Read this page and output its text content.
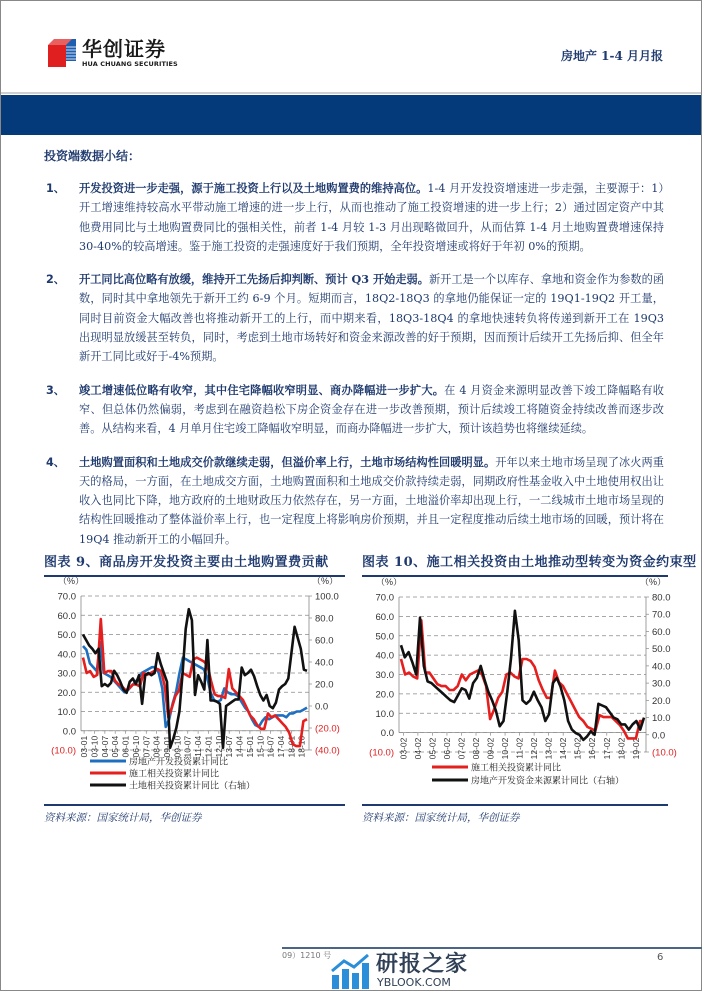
华创证券
HUA CHUANG SECURITIES
房地产 1-4 月月报
投资端数据小结：
1、 开发投资进一步走强，源于施工投资上行以及土地购置费的维持高位。1-4 月开发投资增速进一步走强，主要源于：1）开工增速维持较高水平带动施工增速的进一步上行，从而也推动了施工投资增速的进一步上行；2）通过固定资产中其他费用同比与土地购置费同比的强相关性，前者 1-4 月较 1-3 月出现略微回升，从而估算 1-4 月土地购置费增速保持 30-40%的较高增速。鉴于施工投资的走强速度好于我们预期，全年投资增速或将好于年初 0%的预期。
2、 开工同比高位略有放缓，维持开工先扬后抑判断、预计 Q3 开始走弱。新开工是一个以库存、拿地和资金作为参数的函数，同时其中拿地领先于新开工约 6-9 个月。短期而言，18Q2-18Q3 的拿地仍能保证一定的 19Q1-19Q2 开工量，同时目前资金大幅改善也将推动新开工的上行，而中期来看，18Q3-18Q4 的拿地快速转负将传递到新开工在 19Q3 出现明显放缓甚至转负，同时，考虑到土地市场转好和资金来源改善的好于预期，因而预计后续开工先扬后抑、但全年新开工同比或好于-4%预期。
3、 竣工增速低位略有收窄，其中住宅降幅收窄明显、商办降幅进一步扩大。在 4 月资金来源明显改善下竣工降幅略有收窄、但总体仍然偏弱，考虑到在融资趋松下房企资金存在进一步改善预期，预计后续竣工将随资金持续改善而逐步改善。从结构来看，4 月单月住宅竣工降幅收窄明显，而商办降幅进一步扩大，预计该趋势也将继续延续。
4、 土地购置面积和土地成交价款继续走弱，但溢价率上行，土地市场结构性回暖明显。开年以来土地市场呈现了冰火两重天的格局，一方面，在土地成交方面，土地购置面积和土地成交价款持续走弱，同期政府性基金收入中土地使用权出让收入也同比下降，地方政府的土地财政压力依然存在，另一方面，土地溢价率却出现上行，一二线城市土地市场呈现的结构性回暖推动了整体溢价率上行，也一定程度上将影响房价预期，并且一定程度推动后续土地市场的回暖，预计将在 19Q4 推动新开工的小幅回升。
图表 9、商品房开发投资主要由土地购置费贡献
(10.0)
0.0
10.0
20.0
30.0
40.0
50.0
60.0
70.0
(40.0)
(20.0)
0.0
20.0
40.0
60.0
80.0
100.0
（%）	（%）
03-01 03-10 04-07 05-04 06-01 06-10 07-07 08-04 09-01 09-10 10-07 11-04 12-01 12-10 13-07 14-04 15-01 15-10 16-07 17-04 18-01 18-10
房地产开发投资累计同比
施工相关投资累计同比
土地相关投资累计同比（右轴）
资料来源：国家统计局，华创证券
图表 10、施工相关投资由土地推动型转变为资金约束型
(10.0)
0.0
10.0
20.0
30.0
40.0
50.0
60.0
70.0
(10.0)
0.0
10.0
20.0
30.0
40.0
50.0
60.0
70.0
80.0
（%）	（%）
03-02 04-02 05-02 06-02 07-02 08-02 09-02 10-02 11-02 12-02 13-02 14-02 15-02 16-02 17-02 18-02 19-02
施工相关投资累计同比
房地产开发资金来源累计同比（右轴）
资料来源：国家统计局，华创证券
09）1210 号	6
研报之家
YBLOOK.COM
